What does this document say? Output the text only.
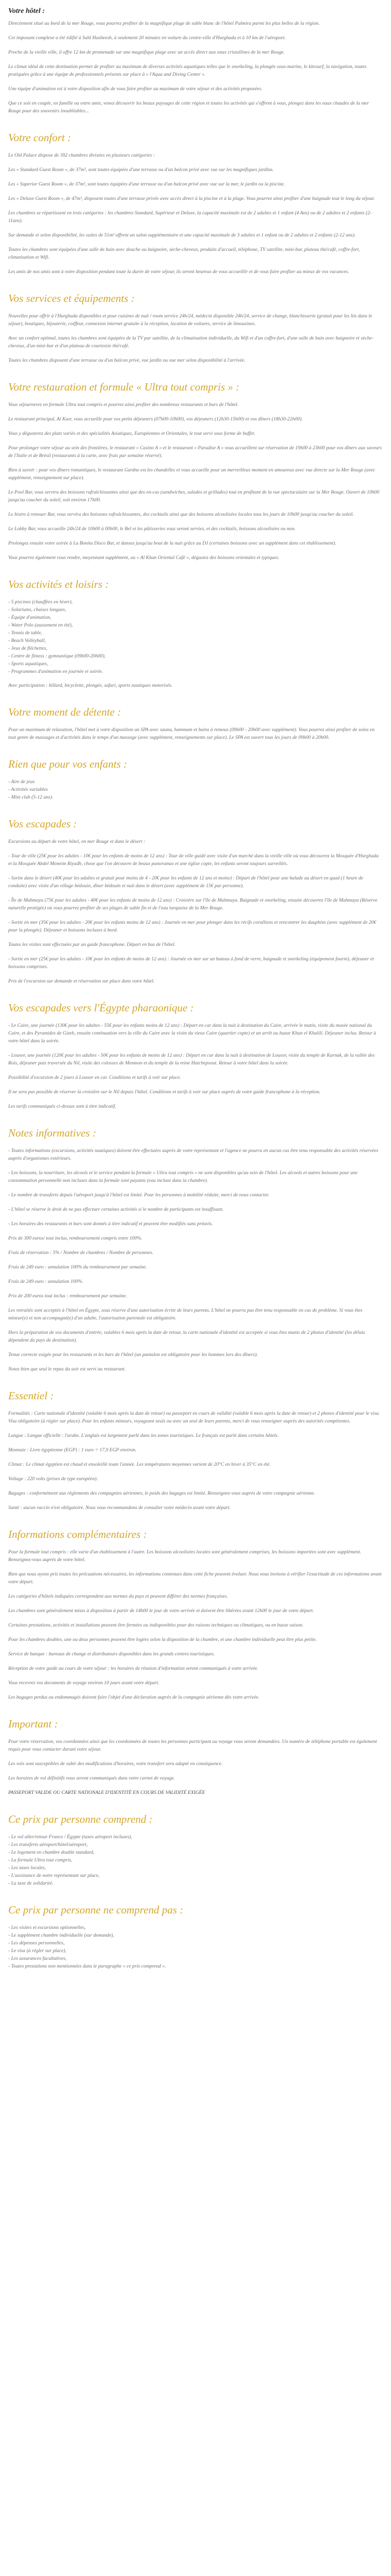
Votre hôtel :

Directement situé au bord de la mer Rouge, vous pourrez profiter de la magnifique plage de sable blanc de l'hôtel Palmira parmi les plus belles de la région.

Cet imposant complexe a été édifié à Sahl Hasheesh, à seulement 20 minutes en voiture du centre-ville d'Hurghada et à 10 km de l'aéroport.

Proche de la vieille ville, il offre 12 km de promenade sur une magnifique plage avec un accès direct aux eaux cristallines de la mer Rouge.

Le climat idéal de cette destination permet de profiter au maximum de diverses activités aquatiques telles que le snorkeling, la plongée sous-marine, le kitesurf, la navigation, toutes pratiquées grâce à une équipe de professionnels présents sur place à « l'Aqua and Diving Center ».

Une équipe d'animation est à votre disposition afin de vous faire profiter au maximum de votre séjour et des activités proposées.

Que ce soit en couple, en famille ou entre amis, venez découvrir les beaux paysages de cette région et toutes les activités qui s'offrent à vous, plongez dans les eaux chaudes de la mer Rouge pour des souvenirs inoubliables...

Votre confort :

Le Old Palace dispose de 392 chambres divisées en plusieurs catégories :

Les « Standard Guest Room », de 37m², sont toutes équipées d'une terrasse ou d'un balcon privé avec vue sur les magnifiques jardins.

Les « Superior Guest Room », de 37m², sont toutes équipées d'une terrasse ou d'un balcon privé avec vue sur la mer, le jardin ou la piscine.

Les « Deluxe Guest Room », de 47m², disposent toutes d'une terrasse privée avec accès direct à la piscine et à la plage. Vous pourrez ainsi profiter d'une baignade tout le long du séjour.

Les chambres se répartissent en trois catégories : les chambres Standard, Supérieur et Deluxe, la capacité maximale est de 2 adultes et 1 enfant (4 Ans) ou de 2 adultes et 2 enfants (2-11ans).

Sur demande et selon disponibilité, les suites de 51m² offrent un salon supplémentaire et une capacité maximale de 3 adultes et 1 enfant ou de 2 adultes et 2 enfants (2-12 ans).

Toutes les chambres sont équipées d'une salle de bain avec douche ou baignoire, sèche-cheveux, produits d'accueil, téléphone, TV satellite, mini-bar, plateau thé/café, coffre-fort, climatisation et Wifi.

Les amis de nos amis sont à votre disposition pendant toute la durée de votre séjour, ils seront heureux de vous accueillir et de vous faire profiter au mieux de vos vacances.

Vos services et équipements :

Nouvelles pour offrir à l'Hurghada disponibles et pour cuisines de nuit / room service 24h/24, médecin disponible 24h/24, service de change, blanchisserie (gratuit pour les lits dans le séjour), boutiques, bijouterie, coiffeur, connexion internet gratuite à la réception, location de voitures, service de limousines.

Avec un confort optimal, toutes les chambres sont équipées de la TV par satellite, de la climatisation individuelle, du Wifi et d'un coffre-fort, d'une salle de bain avec baignoire et sèche-cheveux, d'un mini-bar et d'un plateau de courtoisie thé/café.

Toutes les chambres disposent d'une terrasse ou d'un balcon privé, vue jardin ou vue mer selon disponibilité à l'arrivée.

Votre restauration et formule « Ultra tout compris » :

Vous séjournerez en formule Ultra tout compris et pourrez ainsi profiter des nombreux restaurants et bars de l'hôtel.

Le restaurant principal, Al Kasr, vous accueille pour vos petits déjeuners (07h00-10h00), vos déjeuners (12h30-15h00) et vos dîners (18h30-22h00).

Vous y dégusterez des plats variés et des spécialités Asiatiques, Européennes et Orientales, le tout servi sous forme de buffet.

Pour prolonger votre séjour au sein des frontières, le restaurant « Casino A » et le restaurant « Paradise A » vous accueillent sur réservation de 19h00 à 23h00 pour vos dîners aux saveurs de l'Italie et de Brésil (restaurants à la carte, avec frais par semaine réservé).

Bien à savoir : pour vos dîners romantiques, le restaurant Gardne est les chandelles et vous accueille pour un merveilleux moment en amoureux avec vue directe sur la Mer Rouge (avec supplément, renseignement sur place).

Le Pool Bar, vous servira des boissons rafraîchissantes ainsi que des en-cas (sandwiches, salades et grillades) tout en profitant de la vue spectaculaire sur la Mer Rouge. Ouvert de 10h00 jusqu'au coucher du soleil, soit environ 17h00.

Le bistro à renouer Bar, vous servira des boissons rafraîchissantes, des cocktails ainsi que des boissons alcoolisées locales tous les jours de 10h00 jusqu'au coucher du soleil.

Le Lobby Bar, vous accueille 24h/24 de 10h00 à 00h00, le Bel et les pâtisseries vous seront servies, et des cocktails, boissons alcoolisées ou non.

Prolongez ensuite votre soirée à La Bonita Disco Bar, et dansez jusqu'au bout de la nuit grâce au DJ (certaines boissons avec un supplément dans cet établissement).

Vous pourrez également vous rendre, moyennant supplément, au « Al Khan Oriental Café », dégustez des boissons orientales et typiques.

Vos activités et loisirs :
- 5 piscines (chauffées en hiver),
- Solariums, chaises longues,
- Équipe d'animation,
- Water Polo (aussement en été),
- Tennis de table,
- Beach Volleyball,
- Jeux de fléchettes,
- Centre de fitness : gymnastique (09h00-20h00),
- Sports aquatiques,
- Programmes d'animation en journée et soirée.

Avec participation : billard, bicyclette, plongée, safari, sports nautiques motorisés.

Votre moment de détente :

Pour un maximum de relaxation, l'hôtel met à votre disposition un SPA avec sauna, hammam et bains à remous (09h00 - 20h00 avec supplément). Vous pourrez ainsi profiter de soins en tout genre de massages et d'activités dans le temps d'un massage (avec supplément, renseignements sur place). Le SPA est ouvert tous les jours de 09h00 à 20h00.

Rien que pour vos enfants :
- Aire de jeux
- Activités variables
- Mini club (5-12 ans).
Vos escapades :

Excursions au départ de votre hôtel, en mer Rouge et dans le désert :

- Tour de ville (25€ pour les adultes - 10€ pour les enfants de moins de 12 ans) : Tour de ville guidé avec visite d'un marché dans la vieille ville où vous découvrez la Mosquée d'Hurghada et la Mosquée Abdel Moneim Riyadh, chose que l'on découvre de beaux panoramas et une église copte, les enfants seront toujours surveillés.

- Sortie dans le désert (40€ pour les adultes et gratuit pour moins de 4 - 20€ pour les enfants de 12 ans et moins) : Départ de l'hôtel pour une balade au désert en quad (1 heure de conduite) avec visite d'un village bédouin, dîner bédouin et nuit dans le désert (avec supplément de 15€ par personne).

- Île de Mahmaya (75€ pour les adultes - 40€ pour les enfants de moins de 12 ans) : Croisière sur l'île de Mahmaya. Baignade et snorkeling, ensuite découvrez l'île de Mahmaya (Réserve naturelle protégée) où vous pourrez profiter de ses plages de sable fin et de l'eau turquoise de la Mer Rouge.

- Sortie en mer (35€ pour les adultes - 20€ pour les enfants moins de 12 ans) : Journée en mer pour plonger dans les récifs coralliens et rencontrer les dauphins (avec supplément de 20€ pour la plongée). Déjeuner et boissons incluses à bord.

Toutes les visites sont effectuées par un guide francophone. Départ en bus de l'hôtel.

- Sortie en mer (25€ pour les adultes - 10€ pour les enfants de moins de 12 ans) : Journée en mer sur un bateau à fond de verre, baignade et snorkeling (équipement fourni), déjeuner et boissons comprises.

Prix de l'excursion sur demande et réservation sur place dans votre hôtel.

Vos escapades vers l'Égypte pharaonique :

- Le Caire, une journée (130€ pour les adultes - 55€ pour les enfants moins de 12 ans) : Départ en car dans la nuit à destination du Caire, arrivée le matin, visite du musée national du Caire, et des Pyramides de Gizeh, ensuite continuation vers la ville du Caire avec la visite du vieux Caire (quartier copte) et un arrêt au bazar Khan el Khalili. Déjeuner inclus. Retour à votre hôtel dans la soirée.

- Louxor, une journée (120€ pour les adultes - 50€ pour les enfants de moins de 12 ans) : Départ en car dans la nuit à destination de Louxor, visite du temple de Karnak, de la vallée des Rois, déjeuner puis traversée du Nil, visite des colosses de Memnon et du temple de la reine Hatchepsout. Retour à votre hôtel dans la soirée.

Possibilité d'excursion de 2 jours à Louxor en car. Conditions et tarifs à voir sur place.

Il ne sera pas possible de réserver la croisière sur le Nil depuis l'hôtel. Conditions et tarifs à voir sur place auprès de votre guide francophone à la réception.

Les tarifs communiqués ci-dessus sont à titre indicatif.

Notes informatives :

- Toutes informations (excursions, activités nautiques) doivent être effectuées auprès de votre représentant et l'agence ne pourra en aucun cas être tenu responsable des activités réservées auprès d'organismes extérieurs.

- Les boissons, la nourriture, les alcools et le service pendant la formule « Ultra tout compris » ne sont disponibles qu'au sein de l'hôtel. Les alcools et autres boissons pour une consommation personnelle non incluses dans la formule sont payants (eau incluse dans la chambre).

- Le nombre de transferts depuis l'aéroport jusqu'à l'hôtel est limité. Pour les personnes à mobilité réduite, merci de nous contacter.

- L'hôtel se réserve le droit de ne pas effectuer certaines activités si le nombre de participants est insuffisant.

- Les horaires des restaurants et bars sont donnés à titre indicatif et peuvent être modifiés sans préavis.

Prix de 300 euros/ tout inclus, remboursement compris entre 100%.

Frais de réservation : 5% / Nombre de chambres / Nombre de personnes.

Frais de 249 euro : annulation 100% du remboursement par semaine.

Frais de 249 euro : annulation 100%.

Prix de 200 euros tout inclus : remboursement par semaine.

Les retraités sont acceptés à l'hôtel en Égypte, sous réserve d'une autorisation écrite de leurs parents. L'hôtel ne pourra pas être tenu responsable en cas de problème. Si vous êtes mineur(e) et non accompagné(e) d'un adulte, l'autorisation parentale est obligatoire.

Hors la préparation de vos documents d'entrée, valables 6 mois après la date de retour, la carte nationale d'identité est acceptée si vous êtes munis de 2 photos d'identité (les délais dépendent du pays de destination).

Tenue correcte exigée pour les restaurants et les bars de l'hôtel (un pantalon est obligatoire pour les hommes lors des dîners).

Notez bien que seul le repas du soir est servi au restaurant.

Essentiel :

Formalités : Carte nationale d'identité (valable 6 mois après la date de retour) ou passeport en cours de validité (valable 6 mois après la date de retour) et 2 photos d'identité pour le visa. Visa obligatoire (à régler sur place). Pour les enfants mineurs, voyageant seuls ou avec un seul de leurs parents, merci de vous renseigner auprès des autorités compétentes.

Langue : Langue officielle : l'arabe. L'anglais est largement parlé dans les zones touristiques. Le français est parlé dans certains hôtels.

Monnaie : Livre égyptienne (EGP) : 1 euro = 17,9 EGP environ.

Climat : Le climat égyptien est chaud et ensoleillé toute l'année. Les températures moyennes varient de 20°C en hiver à 35°C en été.

Voltage : 220 volts (prises de type européen).

Bagages : conformément aux règlements des compagnies aériennes, le poids des bagages est limité. Renseignez-vous auprès de votre compagnie aérienne.

Santé : aucun vaccin n'est obligatoire. Nous vous recommandons de consulter votre médecin avant votre départ.

Informations complémentaires :

Pour la formule tout compris : elle varie d'un établissement à l'autre. Les boissons alcoolisées locales sont généralement comprises, les boissons importées sont avec supplément. Renseignez-vous auprès de votre hôtel.

Bien que nous ayons pris toutes les précautions nécessaires, les informations contenues dans cette fiche peuvent évoluer. Nous vous invitons à vérifier l'exactitude de ces informations avant votre départ.

Les catégories d'hôtels indiquées correspondent aux normes du pays et peuvent différer des normes françaises.

Les chambres sont généralement mises à disposition à partir de 14h00 le jour de votre arrivée et doivent être libérées avant 12h00 le jour de votre départ.

Certaines prestations, activités et installations peuvent être fermées ou indisponibles pour des raisons techniques ou climatiques, ou en basse saison.

Pour les chambres doubles, une ou deux personnes peuvent être logées selon la disposition de la chambre, et une chambre individuelle peut être plus petite.

Service de banque : bureaux de change et distributeurs disponibles dans les grands centres touristiques.

Réception de votre guide au cours de votre séjour : les horaires de réunion d'information seront communiqués à votre arrivée.

Vous recevrez vos documents de voyage environ 10 jours avant votre départ.

Les bagages perdus ou endommagés doivent faire l'objet d'une déclaration auprès de la compagnie aérienne dès votre arrivée.

Important :

Pour votre réservation, vos coordonnées ainsi que les coordonnées de toutes les personnes participant au voyage vous seront demandées. Un numéro de téléphone portable est également requis pour vous contacter durant votre séjour.

Les vols sont susceptibles de subir des modifications d'horaires, votre transfert sera adapté en conséquence.

Les horaires de vol définitifs vous seront communiqués dans votre carnet de voyage.

PASSEPORT VALIDE OU CARTE NATIONALE D'IDENTITÉ EN COURS DE VALIDITÉ EXIGÉE

Ce prix par personne comprend :
- Le vol aller/retour France / Égypte (taxes aéroport incluses),
- Les transferts aéroport/hôtel/aéroport,
- Le logement en chambre double standard,
- La formule Ultra tout compris,
- Les taxes locales,
- L'assistance de notre représentant sur place,
- La taxe de solidarité.
Ce prix par personne ne comprend pas :
- Les visites et excursions optionnelles,
- Le supplément chambre individuelle (sur demande),
- Les dépenses personnelles,
- Le visa (à régler sur place),
- Les assurances facultatives,
- Toutes prestations non mentionnées dans le paragraphe « ce prix comprend ».
